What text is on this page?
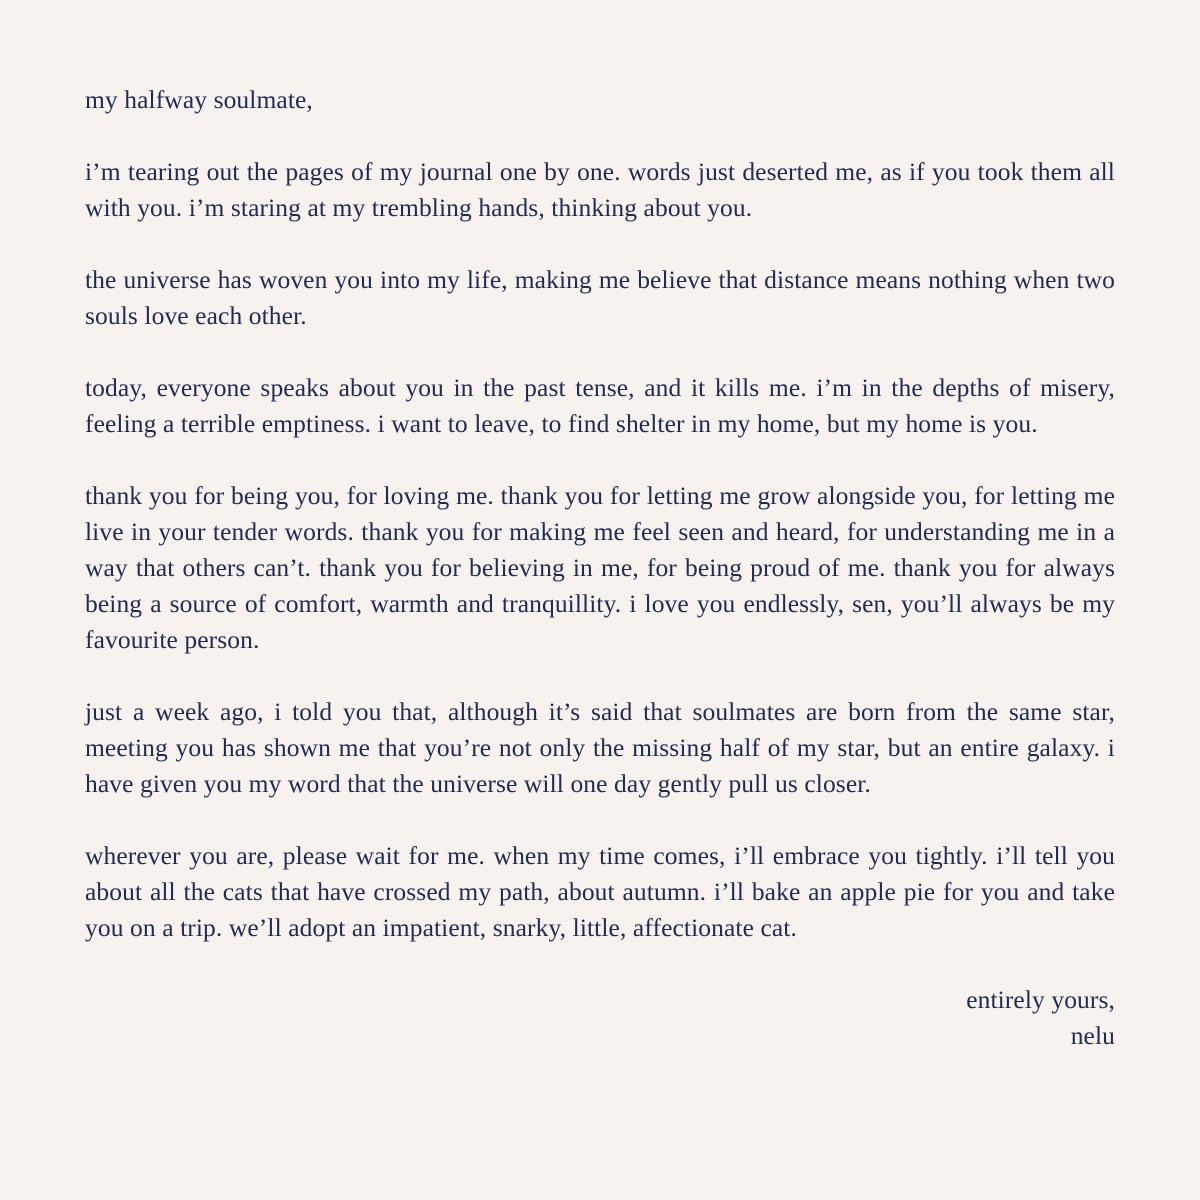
my halfway soulmate,

i’m tearing out the pages of my journal one by one. words just deserted me, as if you took them all with you. i’m staring at my trembling hands, thinking about you.

the universe has woven you into my life, making me believe that distance means nothing when two souls love each other.

today, everyone speaks about you in the past tense, and it kills me. i’m in the depths of misery, feeling a terrible emptiness. i want to leave, to find shelter in my home, but my home is you.

thank you for being you, for loving me. thank you for letting me grow alongside you, for letting me live in your tender words. thank you for making me feel seen and heard, for understanding me in a way that others can’t. thank you for believing in me, for being proud of me. thank you for always being a source of comfort, warmth and tranquillity. i love you endlessly, sen, you’ll always be my favourite person.

just a week ago, i told you that, although it’s said that soulmates are born from the same star, meeting you has shown me that you’re not only the missing half of my star, but an entire galaxy. i have given you my word that the universe will one day gently pull us closer.

wherever you are, please wait for me. when my time comes, i’ll embrace you tightly. i’ll tell you about all the cats that have crossed my path, about autumn. i’ll bake an apple pie for you and take you on a trip. we’ll adopt an impatient, snarky, little, affectionate cat.

entirely yours,
nelu
